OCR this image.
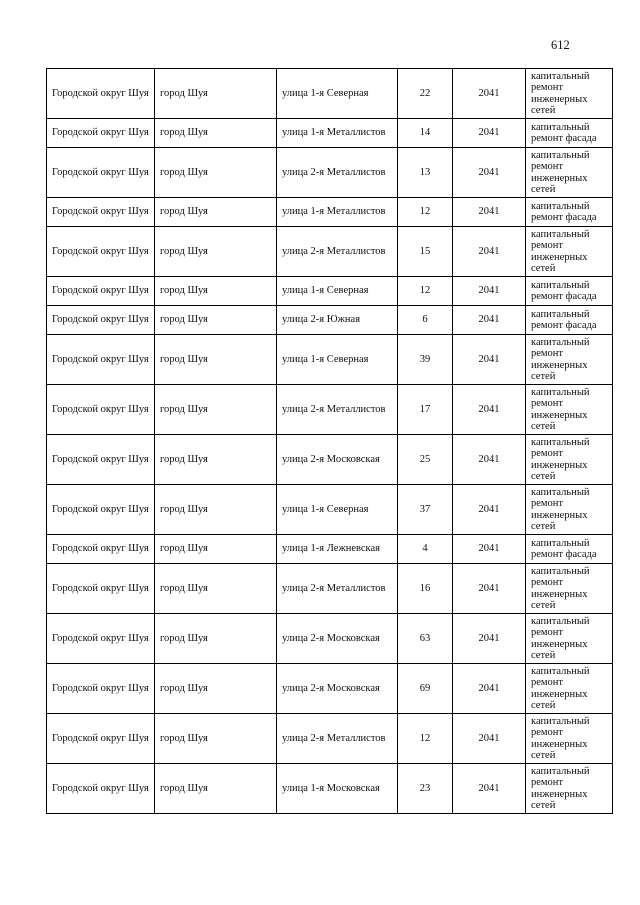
612
Городской округ Шуя	город Шуя	улица 1-я Северная	22	2041	капитальный ремонт инженерных сетей
Городской округ Шуя	город Шуя	улица 1-я Металлистов	14	2041	капитальный ремонт фасада
Городской округ Шуя	город Шуя	улица 2-я Металлистов	13	2041	капитальный ремонт инженерных сетей
Городской округ Шуя	город Шуя	улица 1-я Металлистов	12	2041	капитальный ремонт фасада
Городской округ Шуя	город Шуя	улица 2-я Металлистов	15	2041	капитальный ремонт инженерных сетей
Городской округ Шуя	город Шуя	улица 1-я Северная	12	2041	капитальный ремонт фасада
Городской округ Шуя	город Шуя	улица 2-я Южная	6	2041	капитальный ремонт фасада
Городской округ Шуя	город Шуя	улица 1-я Северная	39	2041	капитальный ремонт инженерных сетей
Городской округ Шуя	город Шуя	улица 2-я Металлистов	17	2041	капитальный ремонт инженерных сетей
Городской округ Шуя	город Шуя	улица 2-я Московская	25	2041	капитальный ремонт инженерных сетей
Городской округ Шуя	город Шуя	улица 1-я Северная	37	2041	капитальный ремонт инженерных сетей
Городской округ Шуя	город Шуя	улица 1-я Лежневская	4	2041	капитальный ремонт фасада
Городской округ Шуя	город Шуя	улица 2-я Металлистов	16	2041	капитальный ремонт инженерных сетей
Городской округ Шуя	город Шуя	улица 2-я Московская	63	2041	капитальный ремонт инженерных сетей
Городской округ Шуя	город Шуя	улица 2-я Московская	69	2041	капитальный ремонт инженерных сетей
Городской округ Шуя	город Шуя	улица 2-я Металлистов	12	2041	капитальный ремонт инженерных сетей
Городской округ Шуя	город Шуя	улица 1-я Московская	23	2041	капитальный ремонт инженерных сетей
